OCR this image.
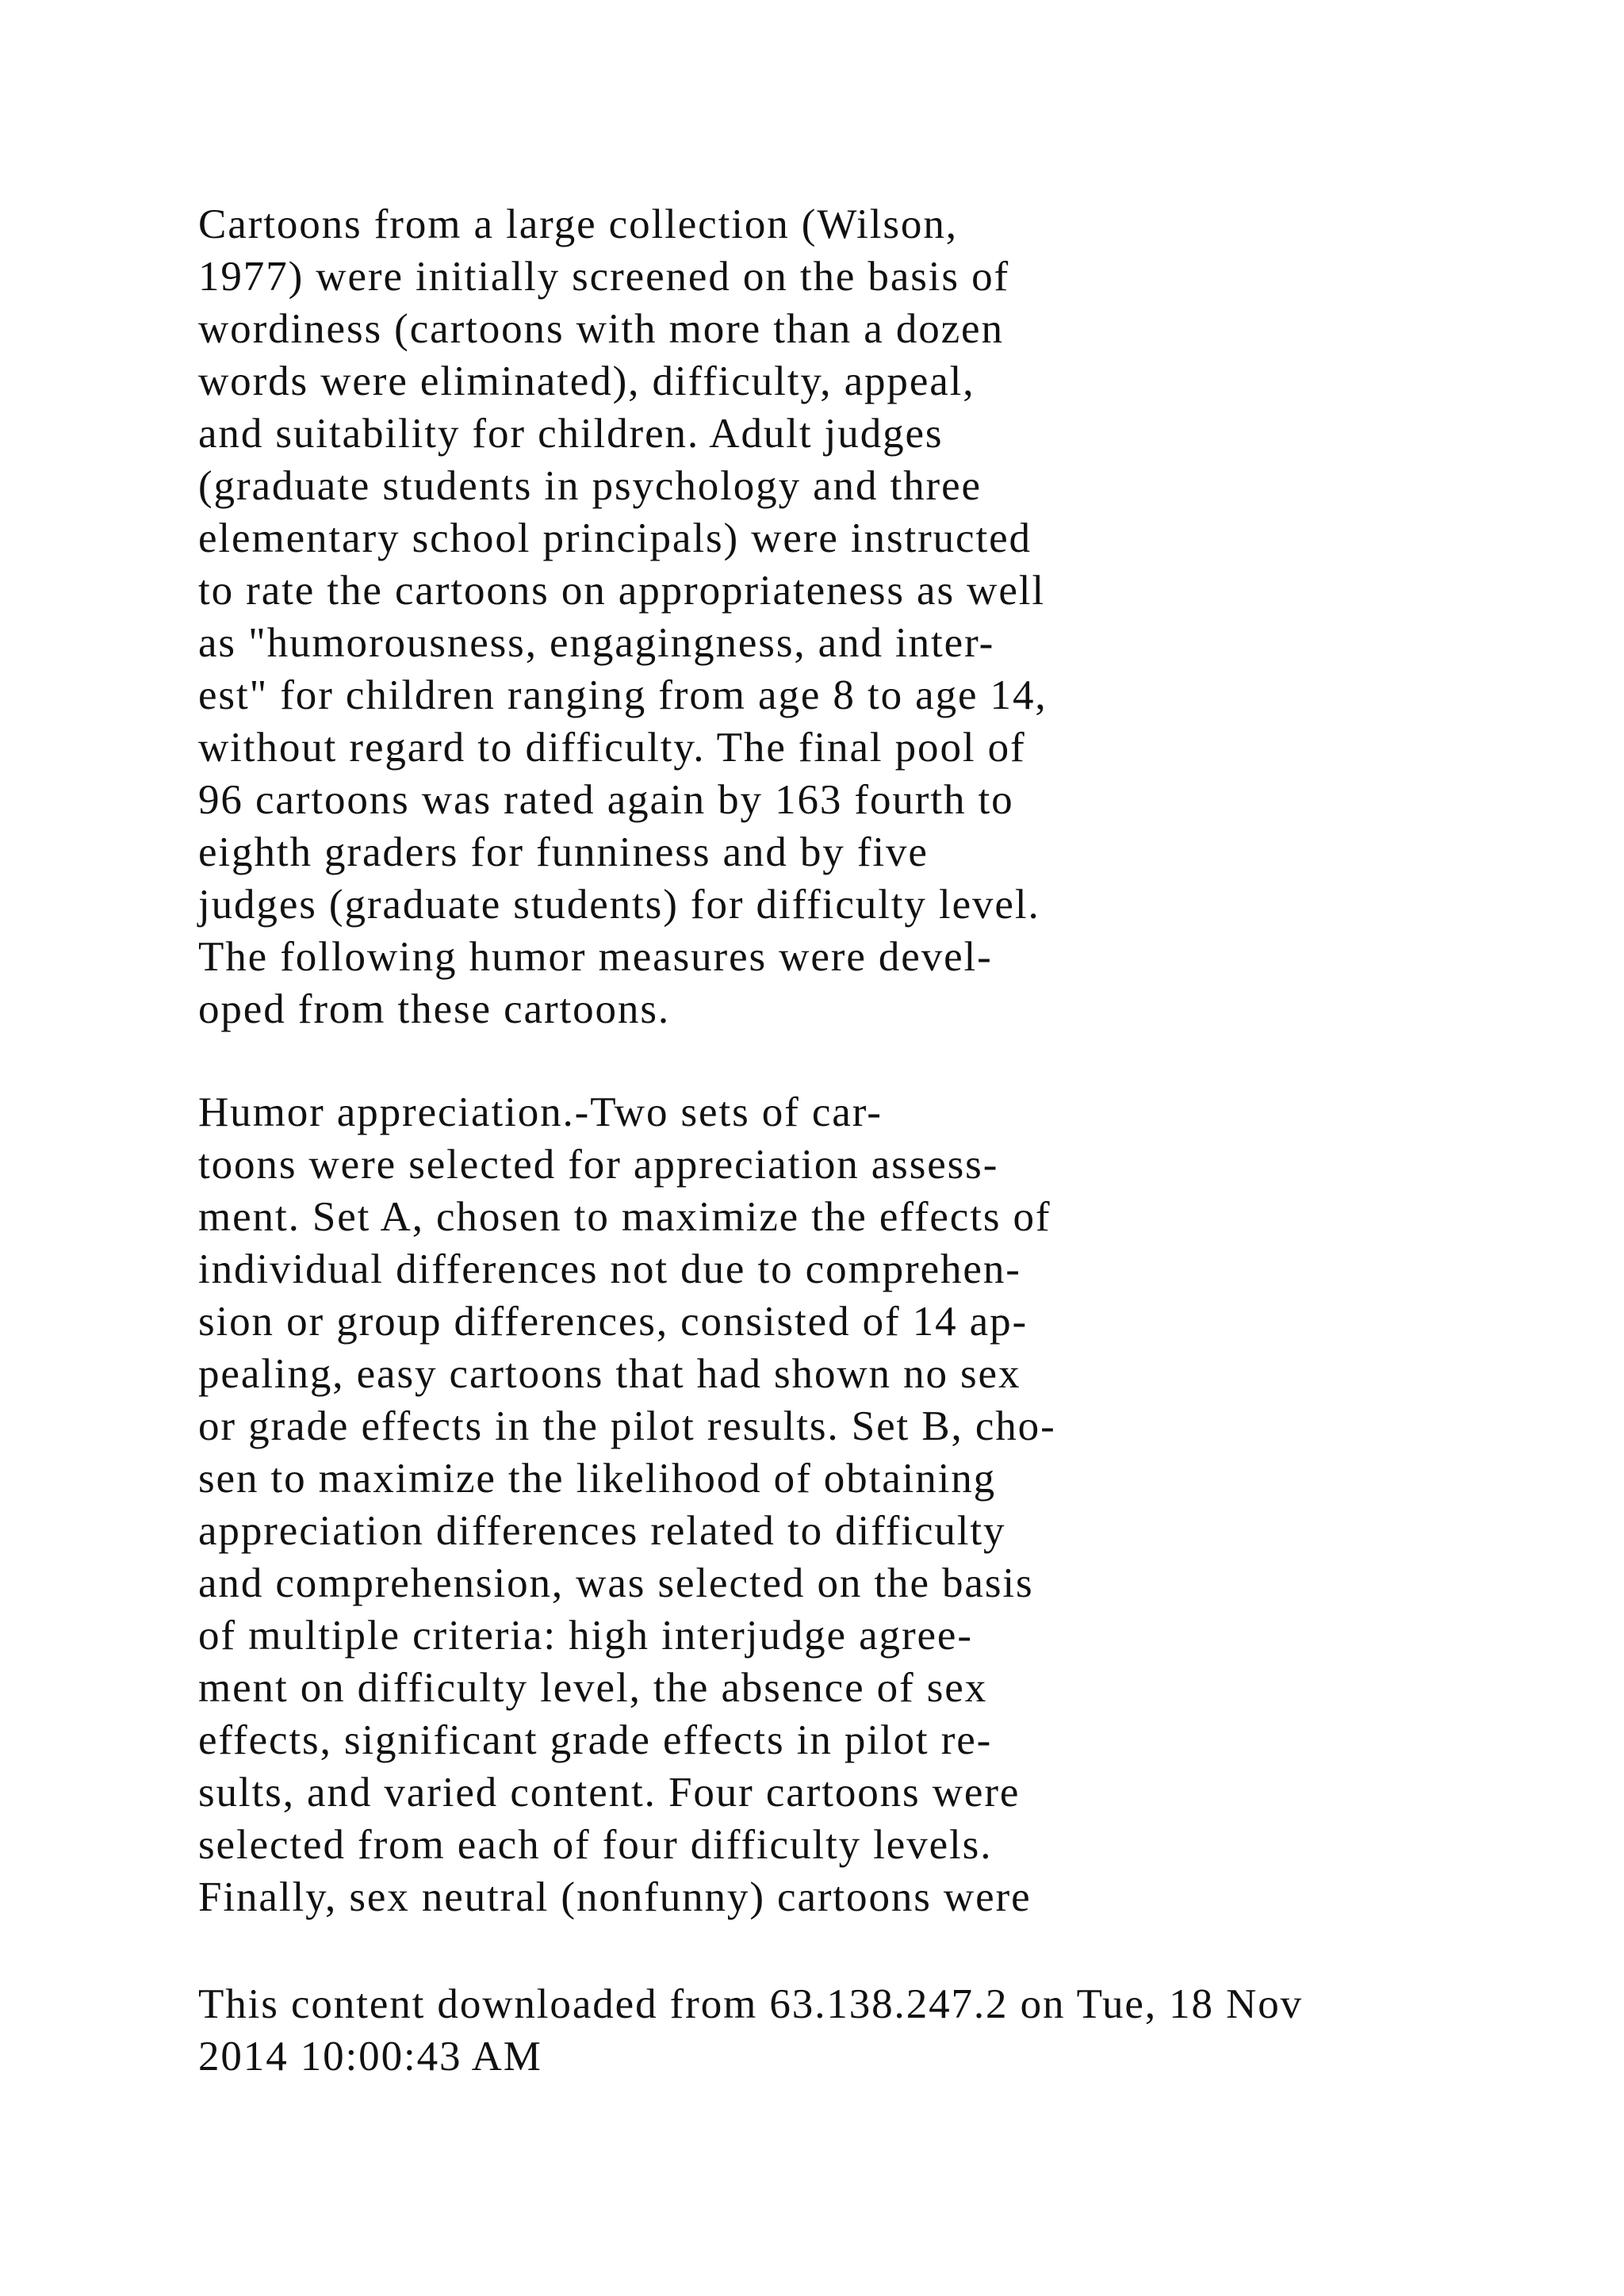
Cartoons from a large collection (Wilson,
1977) were initially screened on the basis of
wordiness (cartoons with more than a dozen
words were eliminated), difficulty, appeal,
and suitability for children. Adult judges
(graduate students in psychology and three
elementary school principals) were instructed
to rate the cartoons on appropriateness as well
as "humorousness, engagingness, and inter-
est" for children ranging from age 8 to age 14,
without regard to difficulty. The final pool of
96 cartoons was rated again by 163 fourth to
eighth graders for funniness and by five
judges (graduate students) for difficulty level.
The following humor measures were devel-
oped from these cartoons.
Humor appreciation.-Two sets of car-
toons were selected for appreciation assess-
ment. Set A, chosen to maximize the effects of
individual differences not due to comprehen-
sion or group differences, consisted of 14 ap-
pealing, easy cartoons that had shown no sex
or grade effects in the pilot results. Set B, cho-
sen to maximize the likelihood of obtaining
appreciation differences related to difficulty
and comprehension, was selected on the basis
of multiple criteria: high interjudge agree-
ment on difficulty level, the absence of sex
effects, significant grade effects in pilot re-
sults, and varied content. Four cartoons were
selected from each of four difficulty levels.
Finally, sex neutral (nonfunny) cartoons were
This content downloaded from 63.138.247.2 on Tue, 18 Nov
2014 10:00:43 AM
